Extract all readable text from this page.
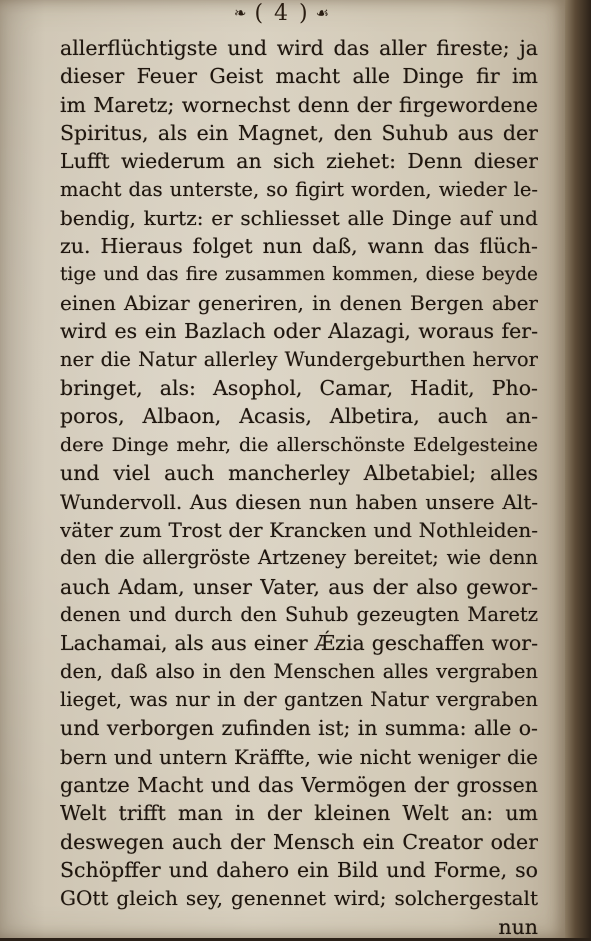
❧ ( 4 ) ☙
allerflüchtigste und wird das aller fireste; ja
dieser Feuer Geist macht alle Dinge fir im
im Maretz; wornechst denn der firgewordene
Spiritus, als ein Magnet, den Suhub aus der
Lufft wiederum an sich ziehet: Denn dieser
macht das unterste, so figirt worden, wieder le-
bendig, kurtz: er schliesset alle Dinge auf und
zu. Hieraus folget nun daß, wann das flüch-
tige und das fire zusammen kommen, diese beyde
einen Abizar generiren, in denen Bergen aber
wird es ein Bazlach oder Alazagi, woraus fer-
ner die Natur allerley Wundergeburthen hervor
bringet, als: Asophol, Camar, Hadit, Pho-
poros, Albaon, Acasis, Albetira, auch an-
dere Dinge mehr, die allerschönste Edelgesteine
und viel auch mancherley Albetabiel; alles
Wundervoll. Aus diesen nun haben unsere Alt-
väter zum Trost der Krancken und Nothleiden-
den die allergröste Artzeney bereitet; wie denn
auch Adam, unser Vater, aus der also gewor-
denen und durch den Suhub gezeugten Maretz
Lachamai, als aus einer Ǽzia geschaffen wor-
den, daß also in den Menschen alles vergraben
lieget, was nur in der gantzen Natur vergraben
und verborgen zufinden ist; in summa: alle o-
bern und untern Kräffte, wie nicht weniger die
gantze Macht und das Vermögen der grossen
Welt trifft man in der kleinen Welt an: um
deswegen auch der Mensch ein Creator oder
Schöpffer und dahero ein Bild und Forme, so
GOtt gleich sey, genennet wird; solchergestalt
nun
